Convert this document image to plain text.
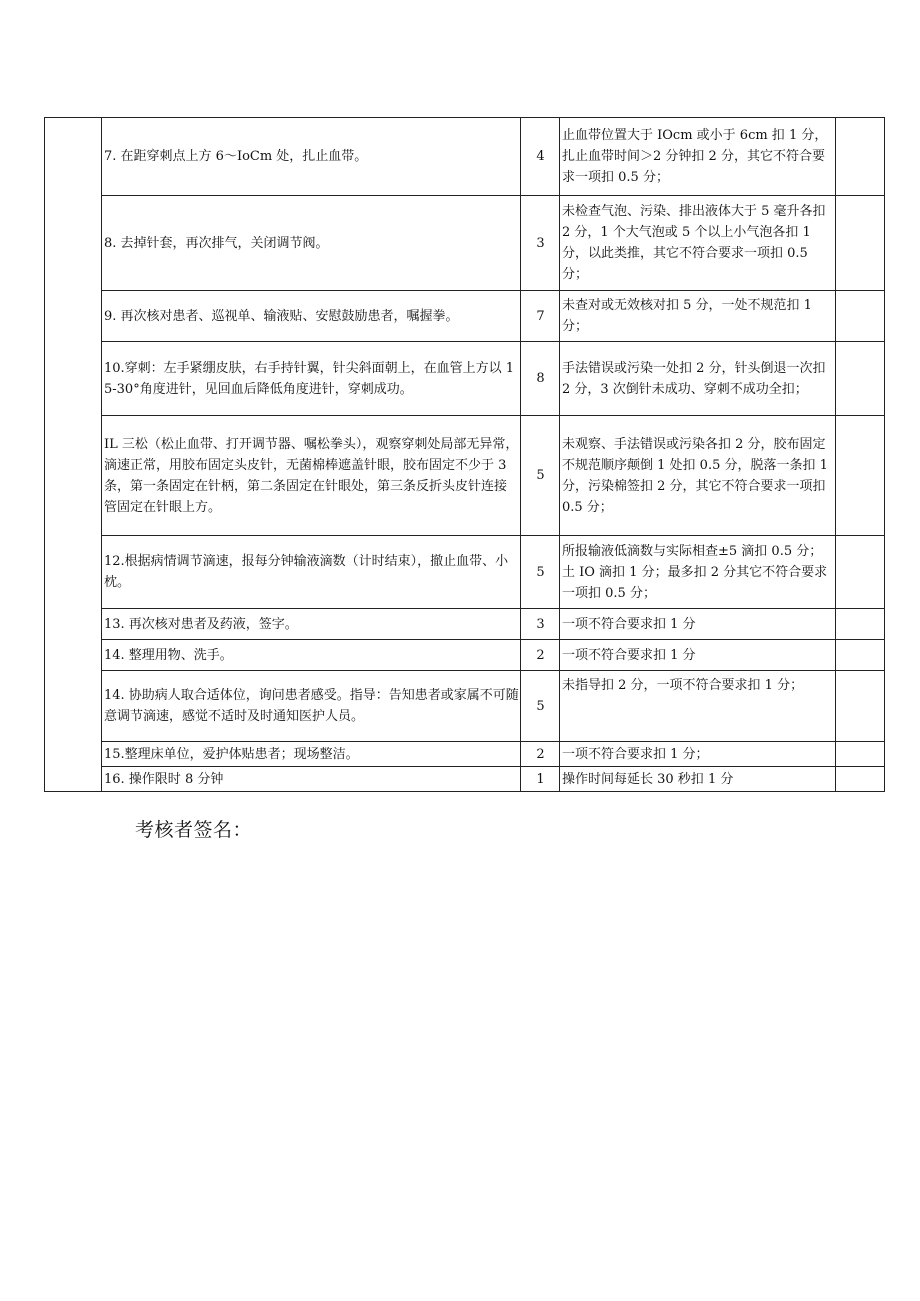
	7. 在距穿刺点上方 6～IoCm 处，扎止血带。	4	止血带位置大于 IOcm 或小于 6cm 扣 1 分，扎止血带时间＞2 分钟扣 2 分，其它不符合要求一项扣 0.5 分；	
	8. 去掉针套，再次排气，关闭调节阀。	3	未检查气泡、污染、排出液体大于 5 毫升各扣 2 分，1 个大气泡或 5 个以上小气泡各扣 1 分，以此类推，其它不符合要求一项扣 0.5 分；	
	9. 再次核对患者、巡视单、输液贴、安慰鼓励患者，嘱握拳。	7	未查对或无效核对扣 5 分，一处不规范扣 1 分；	
	10.穿刺：左手紧绷皮肤，右手持针翼，针尖斜面朝上，在血管上方以 15-30°角度进针，见回血后降低角度进针，穿刺成功。	8	手法错误或污染一处扣 2 分，针头倒退一次扣 2 分，3 次倒针未成功、穿刺不成功全扣；	
	IL 三松（松止血带、打开调节器、嘱松拳头），观察穿刺处局部无异常，滴速正常，用胶布固定头皮针，无菌棉棒遮盖针眼，胶布固定不少于 3 条，第一条固定在针柄，第二条固定在针眼处，第三条反折头皮针连接管固定在针眼上方。	5	未观察、手法错误或污染各扣 2 分，胶布固定不规范顺序颠倒 1 处扣 0.5 分，脱落一条扣 1 分，污染棉签扣 2 分，其它不符合要求一项扣 0.5 分；	
	12.根据病情调节滴速，报每分钟输液滴数（计时结束），撤止血带、小枕。	5	所报输液低滴数与实际相查±5 滴扣 0.5 分；土 IO 滴扣 1 分；最多扣 2 分其它不符合要求一项扣 0.5 分；	
	13. 再次核对患者及药液，签字。	3	一项不符合要求扣 1 分	
	14. 整理用物、洗手。	2	一项不符合要求扣 1 分	
	14. 协助病人取合适体位，询问患者感受。指导：告知患者或家属不可随意调节滴速，感觉不适时及时通知医护人员。	5	未指导扣 2 分，一项不符合要求扣 1 分；	
	15.整理床单位，爱护体贴患者；现场整洁。	2	一项不符合要求扣 1 分；	
	16. 操作限时 8 分钟	1	操作时间每延长 30 秒扣 1 分	
考核者签名：
